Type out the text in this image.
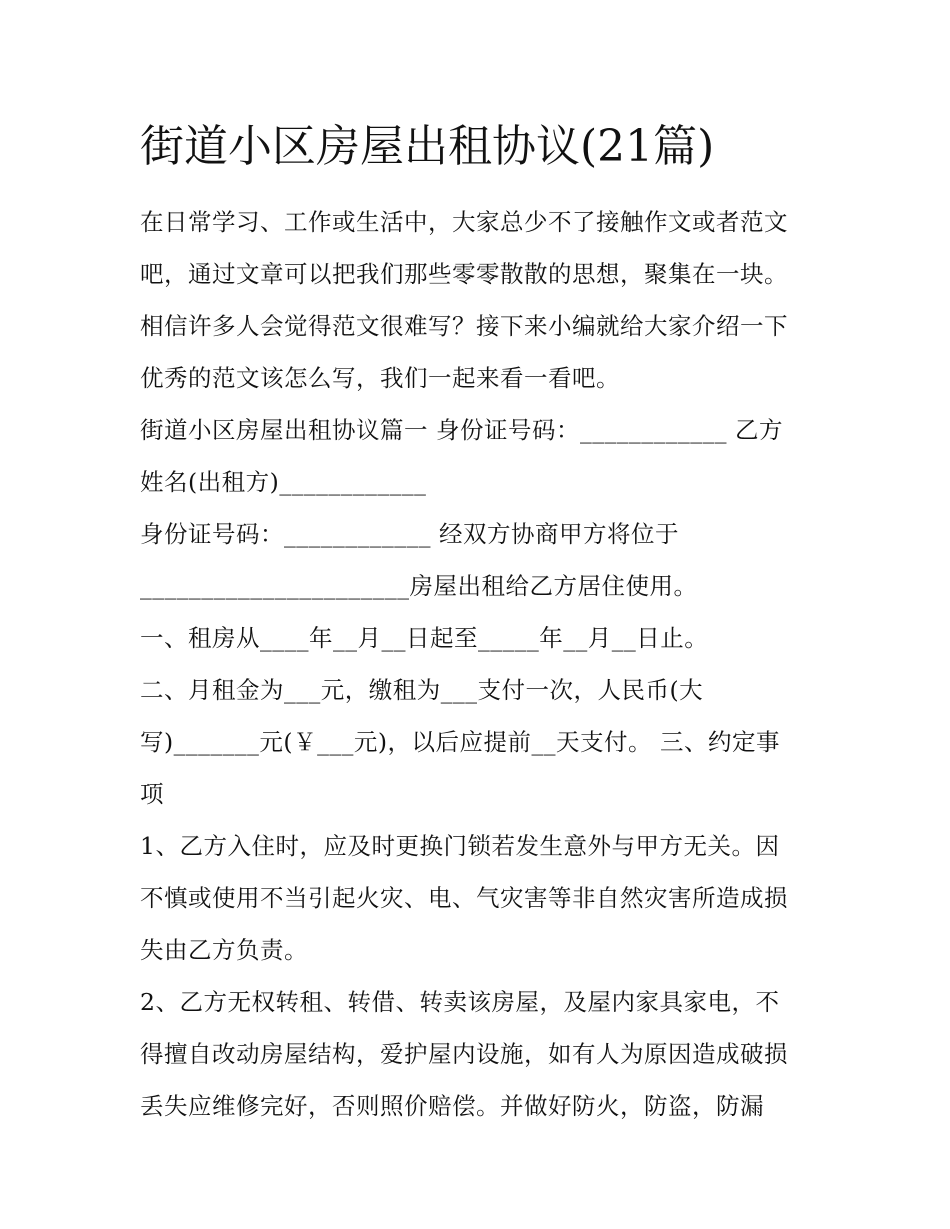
街道小区房屋出租协议(21篇)
在日常学习、工作或生活中，大家总少不了接触作文或者范文
吧，通过文章可以把我们那些零零散散的思想，聚集在一块。
相信许多人会觉得范文很难写？接下来小编就给大家介绍一下
优秀的范文该怎么写，我们一起来看一看吧。
街道小区房屋出租协议篇一 身份证号码：____________ 乙方
姓名(出租方)____________
身份证号码：____________ 经双方协商甲方将位于
______________________房屋出租给乙方居住使用。
一、租房从____年__月__日起至_____年__月__日止。
二、月租金为___元，缴租为___支付一次，人民币(大
写)_______元(￥___元)，以后应提前__天支付。 三、约定事
项
1、乙方入住时，应及时更换门锁若发生意外与甲方无关。因
不慎或使用不当引起火灾、电、气灾害等非自然灾害所造成损
失由乙方负责。
2、乙方无权转租、转借、转卖该房屋，及屋内家具家电，不
得擅自改动房屋结构，爱护屋内设施，如有人为原因造成破损
丢失应维修完好，否则照价赔偿。并做好防火，防盗，防漏
